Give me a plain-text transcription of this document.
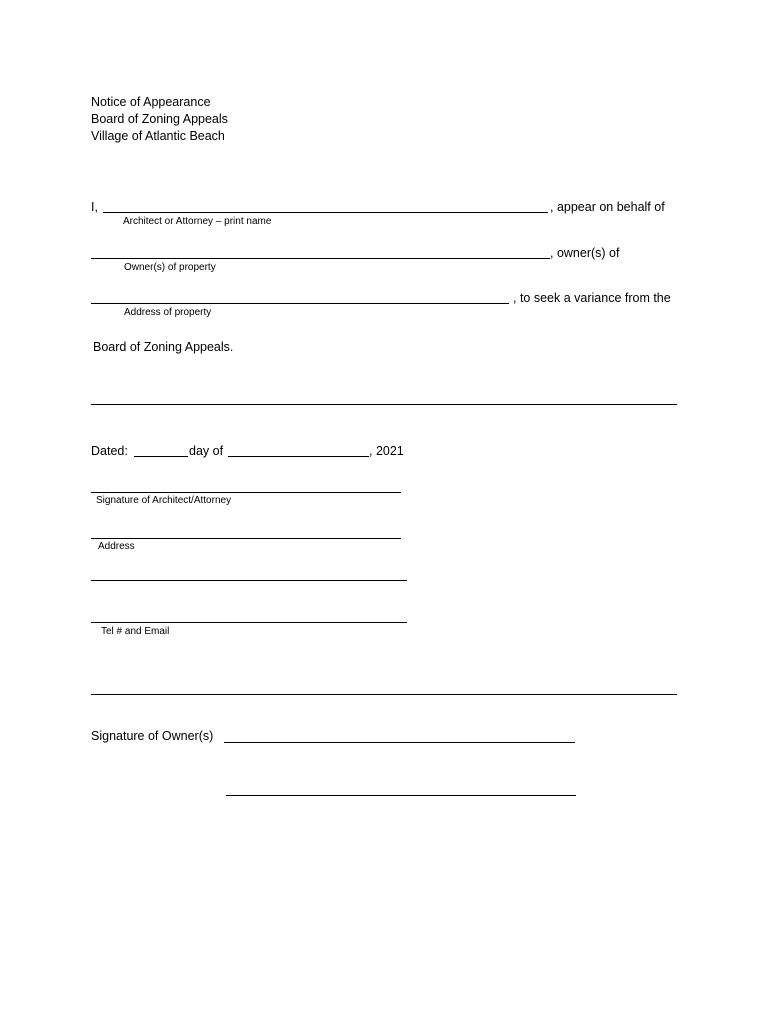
Notice of Appearance
Board of Zoning Appeals
Village of Atlantic Beach
I,	, appear on behalf of
Architect or Attorney – print name
, owner(s) of
Owner(s) of property
, to seek a variance from the
Address of property
Board of Zoning Appeals.
Dated:	day of	, 2021
Signature of Architect/Attorney
Address
Tel # and Email
Signature of Owner(s)
